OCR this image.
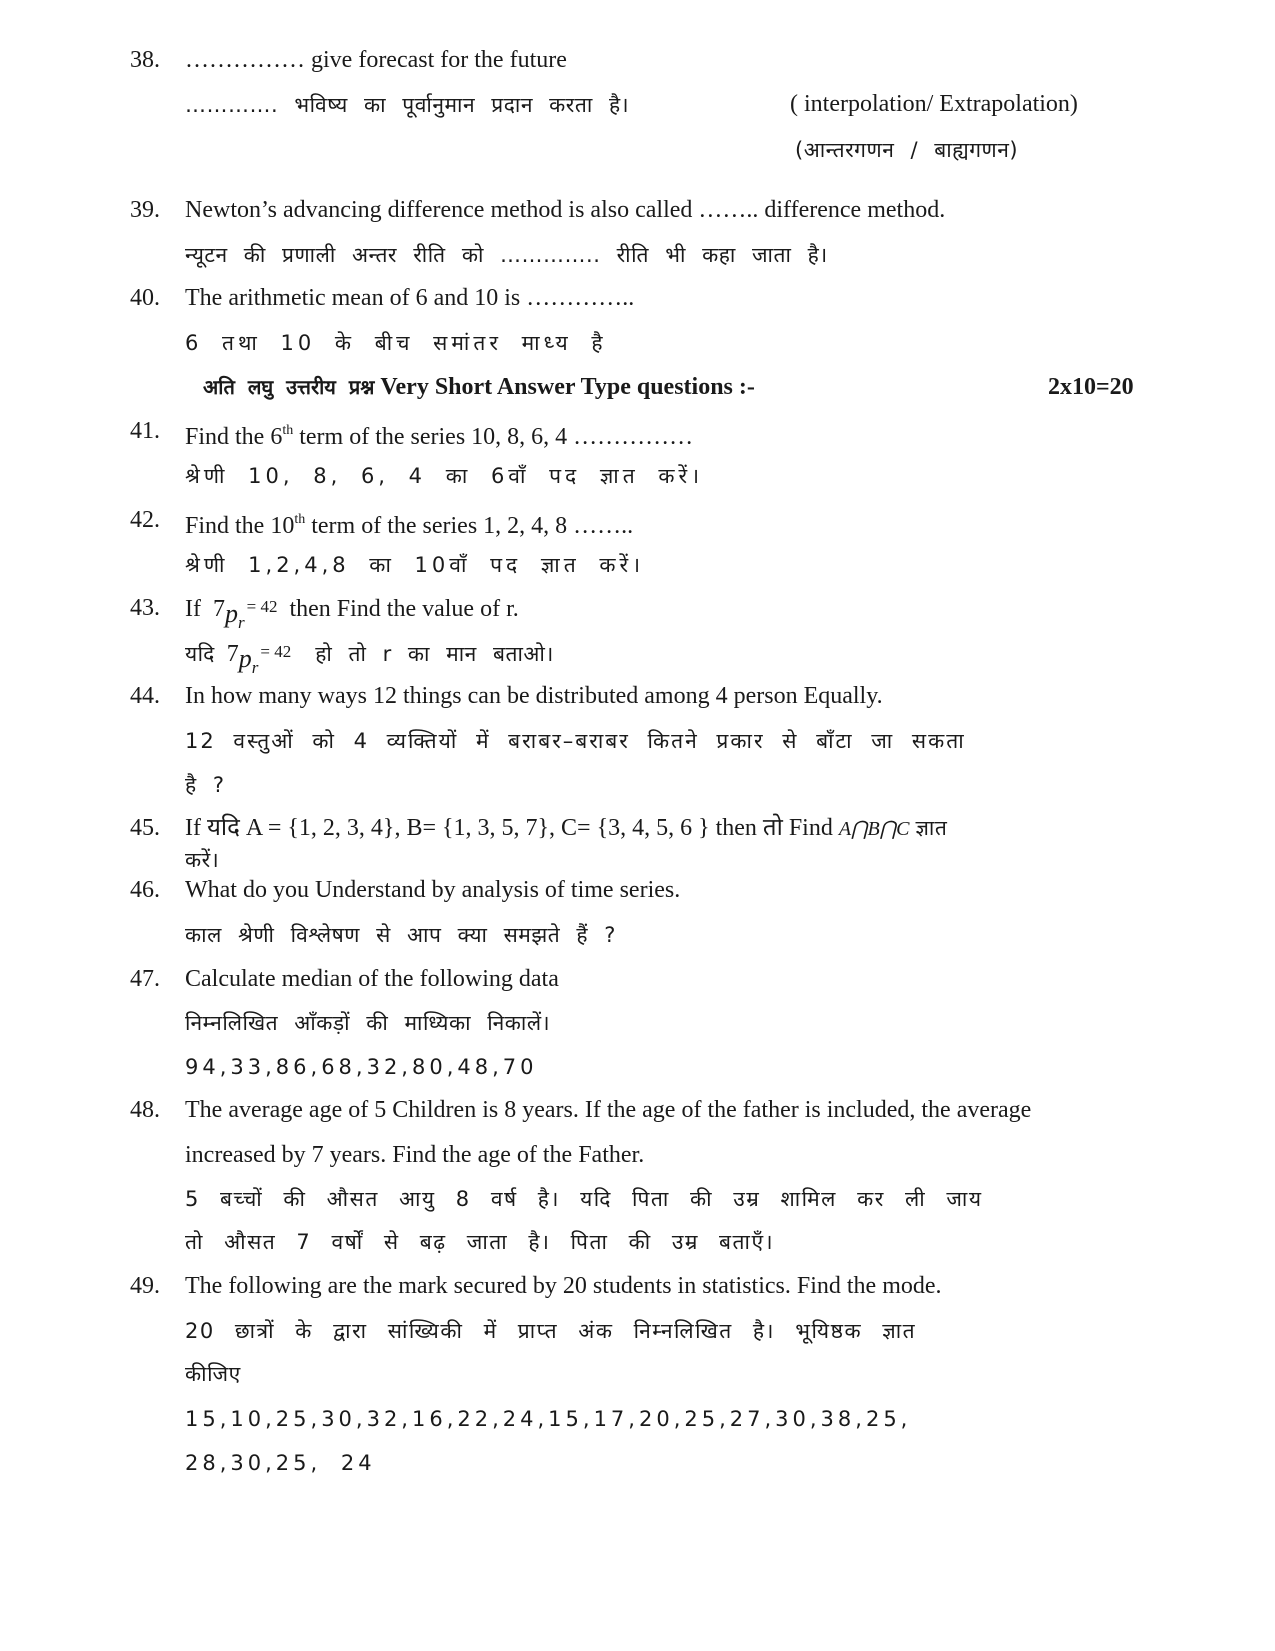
38. …………… give forecast for the future
…………. भविष्य का पूर्वानुमान प्रदान करता है।	( interpolation/ Extrapolation)
(आन्तरगणन / बाह्यगणन)
39. Newton’s advancing difference method is also called …….. difference method.
न्यूटन की प्रणाली अन्तर रीति को ………….. रीति भी कहा जाता है।
40. The arithmetic mean of 6 and 10 is …………..
6 तथा 10 के बीच समांतर माध्य है
अति लघु उत्तरीय प्रश्न Very Short Answer Type questions :-	2x10=20
41. Find the 6th term of the series 10, 8, 6, 4 ……………
श्रेणी 10, 8, 6, 4 का 6वाँ पद ज्ञात करें।
42. Find the 10th term of the series 1, 2, 4, 8 ……..
श्रेणी 1,2,4,8 का 10वाँ पद ज्ञात करें।
43. If $7p_r= 42$ then Find the value of r.
यदि $7p_r= 42$ हो तो r का मान बताओ।
44. In how many ways 12 things can be distributed among 4 person Equally.
12 वस्तुओं को 4 व्यक्तियों में बराबर–बराबर कितने प्रकार से बाँटा जा सकता
है ?
45. If यदि A = {1, 2, 3, 4}, B= {1, 3, 5, 7}, C= {3, 4, 5, 6 } then तो Find A⋂B⋂C ज्ञात
करें।
46. What do you Understand by analysis of time series.
काल श्रेणी विश्लेषण से आप क्या समझते हैं ?
47. Calculate median of the following data
निम्नलिखित आँकड़ों की माध्यिका निकालें।
94,33,86,68,32,80,48,70
48. The average age of 5 Children is 8 years. If the age of the father is included, the average
increased by 7 years. Find the age of the Father.
5 बच्चों की औसत आयु 8 वर्ष है। यदि पिता की उम्र शामिल कर ली जाय
तो औसत 7 वर्षों से बढ़ जाता है। पिता की उम्र बताएँ।
49. The following are the mark secured by 20 students in statistics. Find the mode.
20 छात्रों के द्वारा सांख्यिकी में प्राप्त अंक निम्नलिखित है। भूयिष्ठक ज्ञात
कीजिए
15,10,25,30,32,16,22,24,15,17,20,25,27,30,38,25,
28,30,25, 24
